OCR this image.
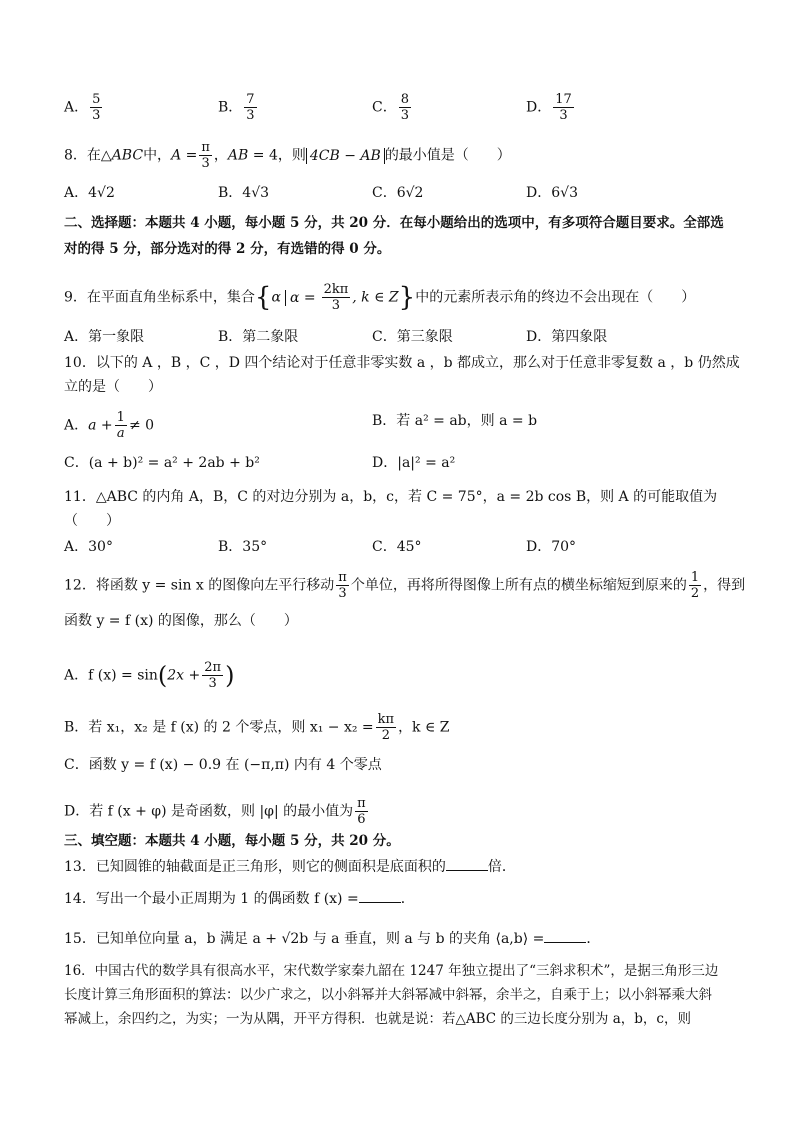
A． $\frac{5}{3}$	B． $\frac{7}{3}$	C． $\frac{8}{3}$	D． $\frac{17}{3}$
8．在△ABC中，$A = \frac{\pi}{3}$ ，AB = 4，则 4CB − AB 的最小值是（　　）
A．4√2	B．4√3	C．6√2	D．6√3
二、选择题：本题共 4 小题，每小题 5 分，共 20 分．在每小题给出的选项中，有多项符合题目要求。全部选
对的得 5 分，部分选对的得 2 分，有选错的得 0 分。
9．在平面直角坐标系中，集合{α $\alpha = \frac{2k\pi}{3}$ , k ∈ Z}中的元素所表示角的终边不会出现在（　　）
A．第一象限	B．第二象限	C．第三象限	D．第四象限
10．以下的 A ，B ，C ，D 四个结论对于任意非零实数 a ，b 都成立，那么对于任意非零复数 a ，b 仍然成
立的是（　　）
A．$a + \frac{1}{a} \ne 0$	B．若 a² = ab，则 a = b
C．(a + b)² = a² + 2ab + b²	D．|a|² = a²
11．△ABC 的内角 A，B，C 的对边分别为 a，b，c，若 C = 75°，a = 2b cos B，则 A 的可能取值为
（　　）
A．30°	B．35°	C．45°	D．70°
12．将函数 y = sin x 的图像向左平行移动 $\frac{\pi}{3}$ 个单位，再将所得图像上所有点的横坐标缩短到原来的 $\frac{1}{2}$ ，得到
函数 y = f (x) 的图像，那么（　　）
A．f $(x) = \sin(2x + \frac{2\pi}{3}$ )
B．若 x₁，x₂ 是 f (x) 的 2 个零点，则 $x_1 - x_2 = \frac{k\pi}{2}$ ，k ∈ Z
C．函数 y = f (x) − 0.9 在 (−π,π) 内有 4 个零点
D．若 f (x + φ) 是奇函数，则 |φ| 的最小值为 $\frac{\pi}{6}$
三、填空题：本题共 4 小题，每小题 5 分，共 20 分。
13．已知圆锥的轴截面是正三角形，则它的侧面积是底面积的	倍．
14．写出一个最小正周期为 1 的偶函数 f (x) =	．
15．已知单位向量 a，b 满足 a + √2b 与 a 垂直，则 a 与 b 的夹角 ⟨a,b⟩ =	．
16．中国古代的数学具有很高水平，宋代数学家秦九韶在 1247 年独立提出了“三斜求积术”，是据三角形三边
长度计算三角形面积的算法：以少广求之，以小斜幂并大斜幂减中斜幂，余半之，自乘于上；以小斜幂乘大斜
幂减上，余四约之，为实；一为从隅，开平方得积．也就是说：若△ABC 的三边长度分别为 a，b，c，则
